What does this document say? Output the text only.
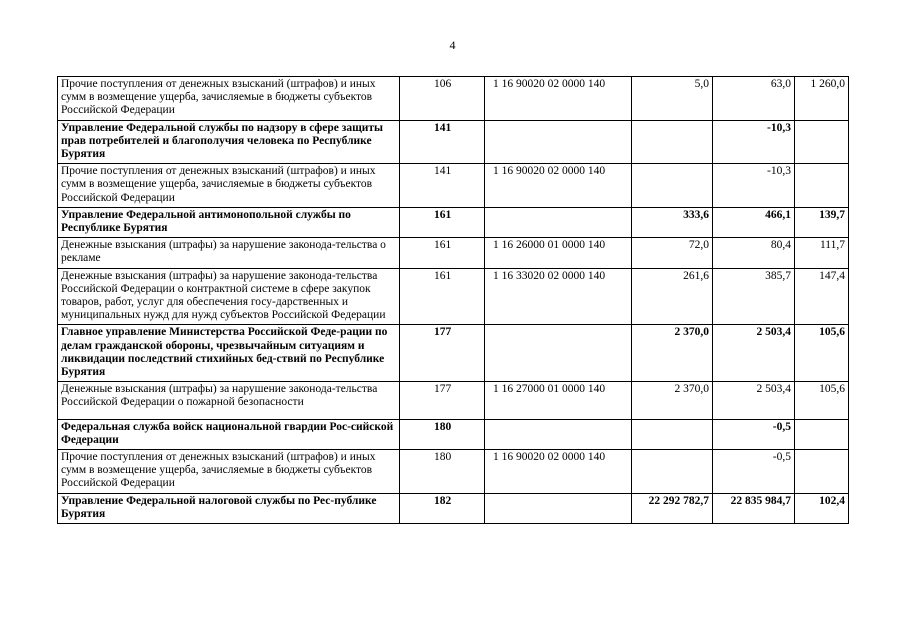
4
Прочие поступления от денежных взысканий (штрафов) и иных сумм в возмещение ущерба, зачисляемые в бюджеты субъектов Российской Федерации	106	1 16 90020 02 0000 140	5,0	63,0	1 260,0
Управление Федеральной службы по надзору в сфере защиты прав потребителей и благополучия человека по Республике Бурятия	141			-10,3	
Прочие поступления от денежных взысканий (штрафов) и иных сумм в возмещение ущерба, зачисляемые в бюджеты субъектов Российской Федерации	141	1 16 90020 02 0000 140		-10,3	
Управление Федеральной антимонопольной службы по Республике Бурятия	161		333,6	466,1	139,7
Денежные взыскания (штрафы) за нарушение законода-тельства о рекламе	161	1 16 26000 01 0000 140	72,0	80,4	111,7
Денежные взыскания (штрафы) за нарушение законода-тельства Российской Федерации о контрактной системе в сфере закупок товаров, работ, услуг для обеспечения госу-дарственных и муниципальных нужд для нужд субъектов Российской Федерации	161	1 16 33020 02 0000 140	261,6	385,7	147,4
Главное управление Министерства Российской Феде-рации по делам гражданской обороны, чрезвычайным ситуациям и ликвидации последствий стихийных бед-ствий по Республике Бурятия	177		2 370,0	2 503,4	105,6
Денежные взыскания (штрафы) за нарушение законода-тельства Российской Федерации о пожарной безопасности	177	1 16 27000 01 0000 140	2 370,0	2 503,4	105,6
Федеральная служба войск национальной гвардии Рос-сийской Федерации	180			-0,5	
Прочие поступления от денежных взысканий (штрафов) и иных сумм в возмещение ущерба, зачисляемые в бюджеты субъектов Российской Федерации	180	1 16 90020 02 0000 140		-0,5	
Управление Федеральной налоговой службы по Рес-публике Бурятия	182		22 292 782,7	22 835 984,7	102,4
